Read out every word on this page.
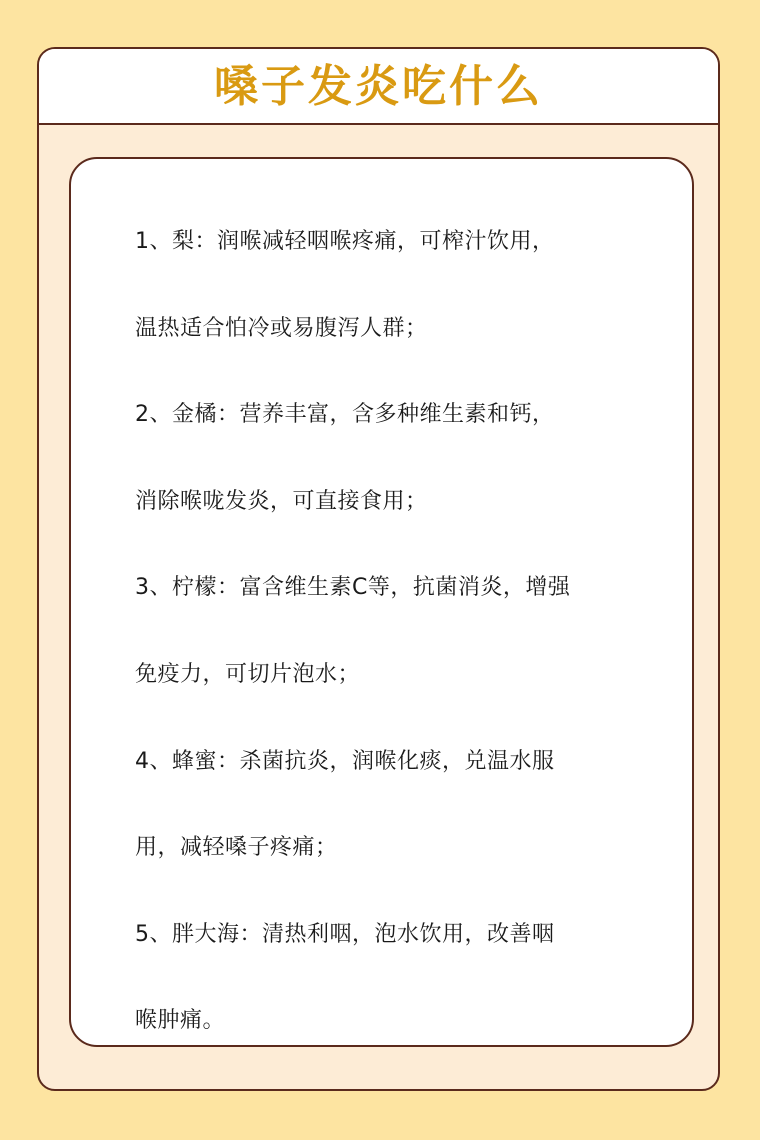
嗓子发炎吃什么
1、梨：润喉减轻咽喉疼痛，可榨汁饮用，
温热适合怕冷或易腹泻人群；
2、金橘：营养丰富，含多种维生素和钙，
消除喉咙发炎，可直接食用；
3、柠檬：富含维生素C等，抗菌消炎，增强
免疫力，可切片泡水；
4、蜂蜜：杀菌抗炎，润喉化痰，兑温水服
用，减轻嗓子疼痛；
5、胖大海：清热利咽，泡水饮用，改善咽
喉肿痛。
